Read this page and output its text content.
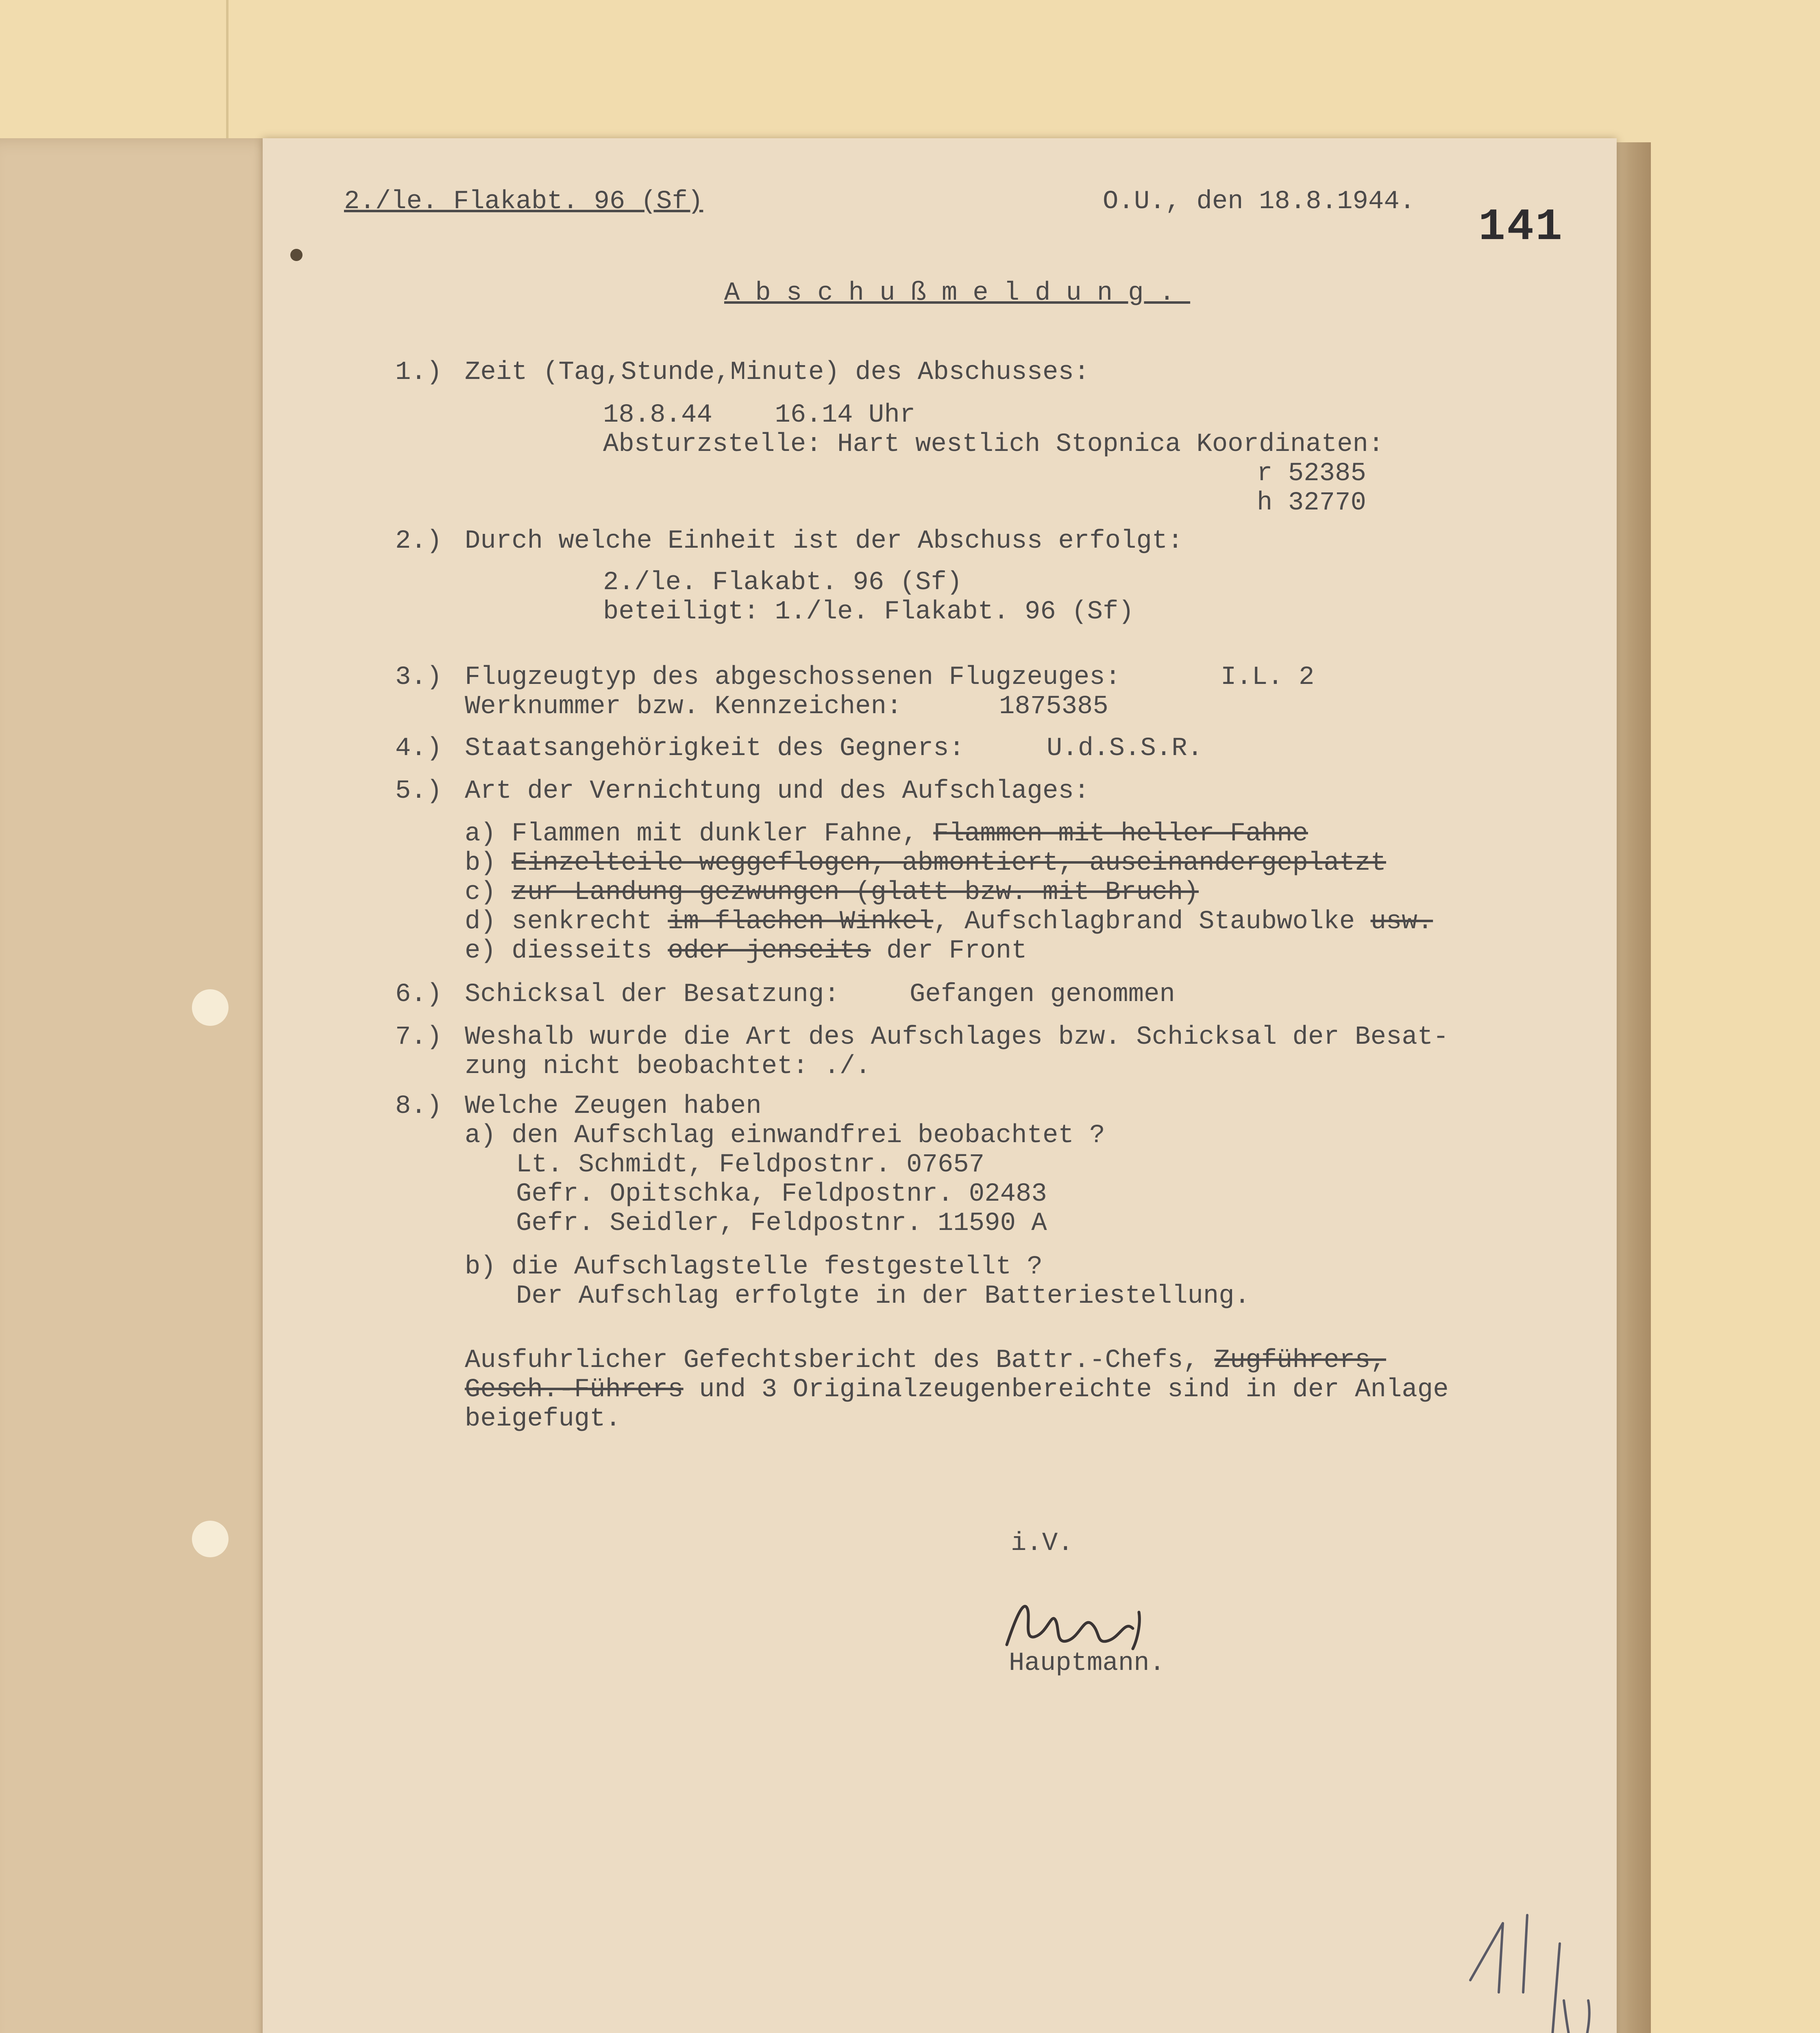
2./le. Flakabt. 96 (Sf)	O.U., den 18.8.1944.

141

Abschußmeldung.

1.) Zeit (Tag,Stunde,Minute) des Abschusses:

18.8.44    16.14 Uhr

Absturzstelle: Hart westlich Stopnica Koordinaten:

r 52385

h 32770

2.) Durch welche Einheit ist der Abschuss erfolgt:

2./le. Flakabt. 96 (Sf)

beteiligt: 1./le. Flakabt. 96 (Sf)

3.) Flugzeugtyp des abgeschossenen Flugzeuges:	I.L. 2

Werknummer bzw. Kennzeichen:	1875385

4.) Staatsangehörigkeit des Gegners:	U.d.S.S.R.

5.) Art der Vernichtung und des Aufschlages:

a) Flammen mit dunkler Fahne, Flammen mit heller Fahne

b) Einzelteile weggeflogen, abmontiert, auseinandergeplatzt

c) zur Landung gezwungen (glatt bzw. mit Bruch)

d) senkrecht im flachen Winkel, Aufschlagbrand Staubwolke usw.

e) diesseits oder jenseits der Front

6.) Schicksal der Besatzung:	Gefangen genommen

7.) Weshalb wurde die Art des Aufschlages bzw. Schicksal der Besat-

zung nicht beobachtet: ./.

8.) Welche Zeugen haben

a) den Aufschlag einwandfrei beobachtet ?

Lt. Schmidt, Feldpostnr. 07657

Gefr. Opitschka, Feldpostnr. 02483

Gefr. Seidler, Feldpostnr. 11590 A

b) die Aufschlagstelle festgestellt ?

Der Aufschlag erfolgte in der Batteriestellung.

Ausfuhrlicher Gefechtsbericht des Battr.-Chefs, Zugführers,

Gesch.-Führers und 3 Originalzeugenbereichte sind in der Anlage

beigefugt.

i.V.

Hauptmann.
